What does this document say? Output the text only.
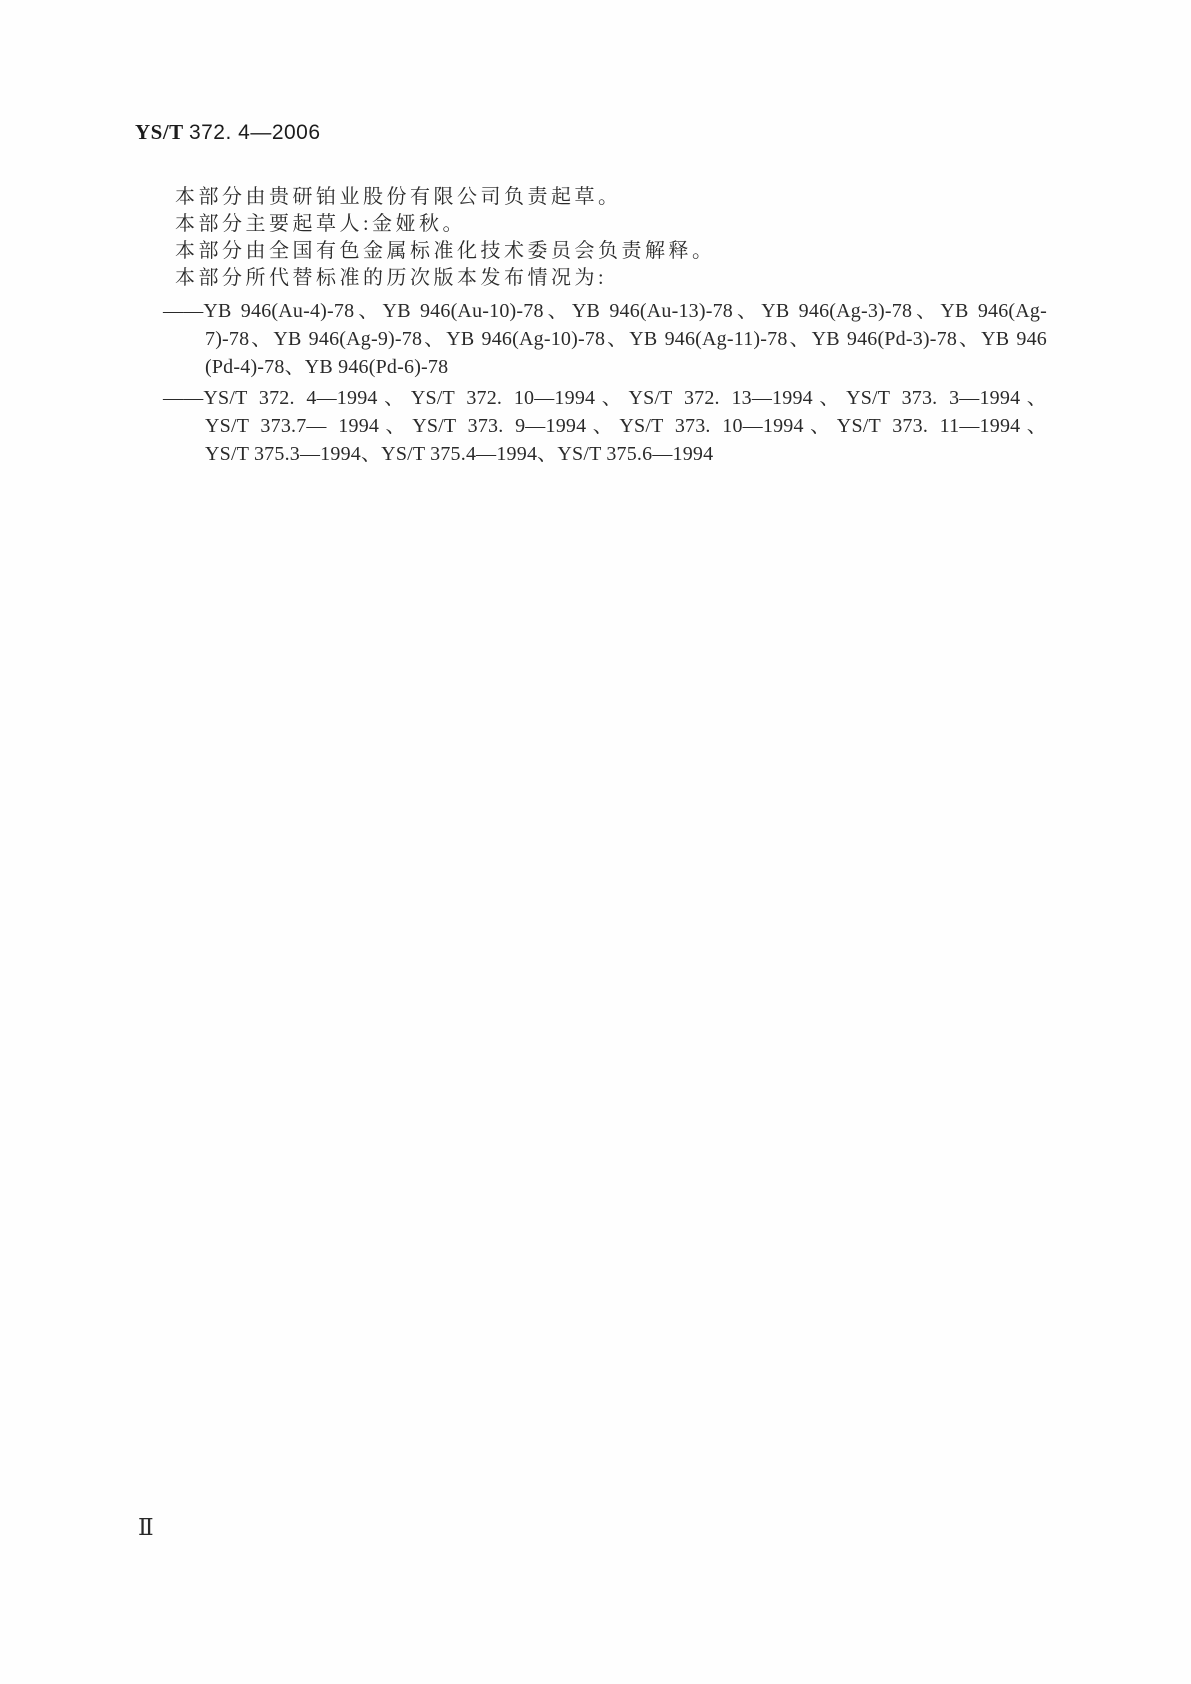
YS/T 372. 4—2006

本部分由贵研铂业股份有限公司负责起草。

本部分主要起草人:金娅秋。

本部分由全国有色金属标准化技术委员会负责解释。

本部分所代替标准的历次版本发布情况为:

——YB 946(Au-4)-78、YB 946(Au-10)-78、YB 946(Au-13)-78、YB 946(Ag-3)-78、YB 946(Ag-
7)-78、YB 946(Ag-9)-78、YB 946(Ag-10)-78、YB 946(Ag-11)-78、YB 946(Pd-3)-78、YB 946
(Pd-4)-78、YB 946(Pd-6)-78
——YS/T 372. 4—1994、YS/T 372. 10—1994、YS/T 372. 13—1994、YS/T 373. 3—1994、
YS/T 373.7— 1994、YS/T 373. 9—1994、YS/T 373. 10—1994、YS/T 373. 11—1994、
YS/T 375.3—1994、YS/T 375.4—1994、YS/T 375.6—1994
Ⅱ
